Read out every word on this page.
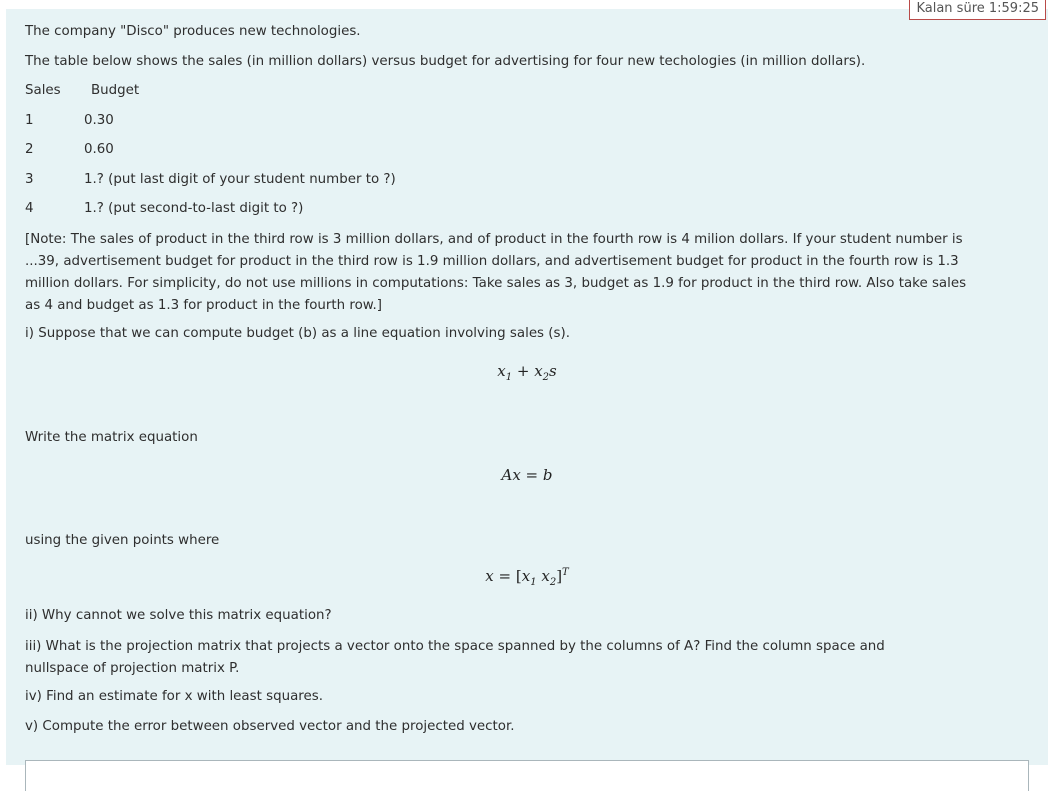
The company "Disco" produces new technologies.
The table below shows the sales (in million dollars) versus budget for advertising for four new techologies (in million dollars).
Sales Budget
1	0.30
2	0.60
3	1.? (put last digit of your student number to ?)
4	1.? (put second-to-last digit to ?)
[Note: The sales of product in the third row is 3 million dollars, and of product in the fourth row is 4 milion dollars. If your student number is
...39, advertisement budget for product in the third row is 1.9 million dollars, and advertisement budget for product in the fourth row is 1.3
million dollars. For simplicity, do not use millions in computations: Take sales as 3, budget as 1.9 for product in the third row. Also take sales
as 4 and budget as 1.3 for product in the fourth row.]
i) Suppose that we can compute budget (b) as a line equation involving sales (s).
$x_1 + x_2s$
Write the matrix equation
Ax = b
using the given points where
$x = [x_1$ $x_2]^T$
ii) Why cannot we solve this matrix equation?
iii) What is the projection matrix that projects a vector onto the space spanned by the columns of A? Find the column space and
nullspace of projection matrix P.
iv) Find an estimate for x with least squares.
v) Compute the error between observed vector and the projected vector.
Kalan süre 1:59:25
